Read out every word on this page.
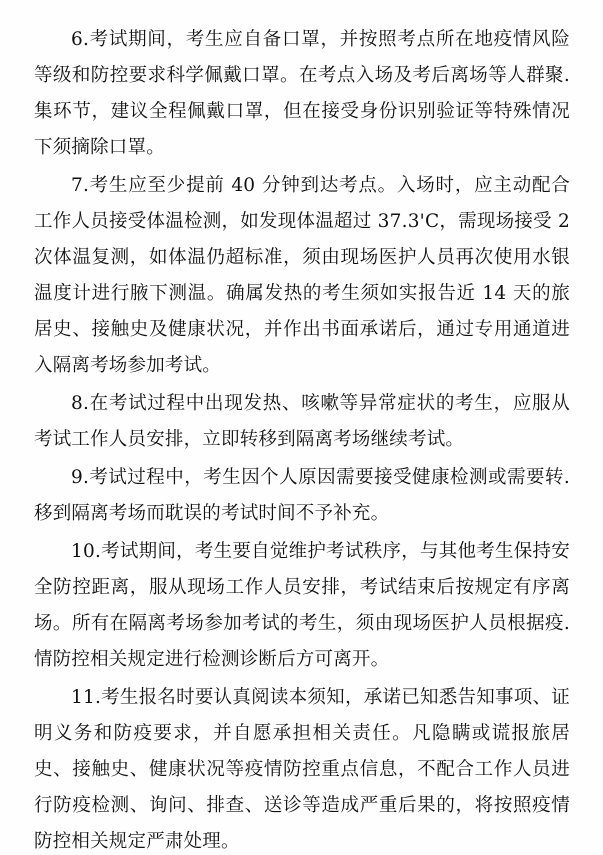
6.考试期间，考生应自备口罩，并按照考点所在地疫情风险等级和防控要求科学佩戴口罩。在考点入场及考后离场等人群聚.集环节，建议全程佩戴口罩，但在接受身份识别验证等特殊情况下须摘除口罩。

7.考生应至少提前 40 分钟到达考点。入场时，应主动配合工作人员接受体温检测，如发现体温超过 37.3'C，需现场接受 2 次体温复测，如体温仍超标准，须由现场医护人员再次使用水银温度计进行腋下测温。确属发热的考生须如实报告近 14 天的旅居史、接触史及健康状况，并作出书面承诺后，通过专用通道进入隔离考场参加考试。

8.在考试过程中出现发热、咳嗽等异常症状的考生，应服从考试工作人员安排，立即转移到隔离考场继续考试。

9.考试过程中，考生因个人原因需要接受健康检测或需要转.移到隔离考场而耽误的考试时间不予补充。

10.考试期间，考生要自觉维护考试秩序，与其他考生保持安全防控距离，服从现场工作人员安排，考试结束后按规定有序离场。所有在隔离考场参加考试的考生，须由现场医护人员根据疫.情防控相关规定进行检测诊断后方可离开。

11.考生报名时要认真阅读本须知，承诺已知悉告知事项、证明义务和防疫要求，并自愿承担相关责任。凡隐瞒或谎报旅居史、接触史、健康状况等疫情防控重点信息，不配合工作人员进行防疫检测、询问、排查、送诊等造成严重后果的，将按照疫情防控相关规定严肃处理。
